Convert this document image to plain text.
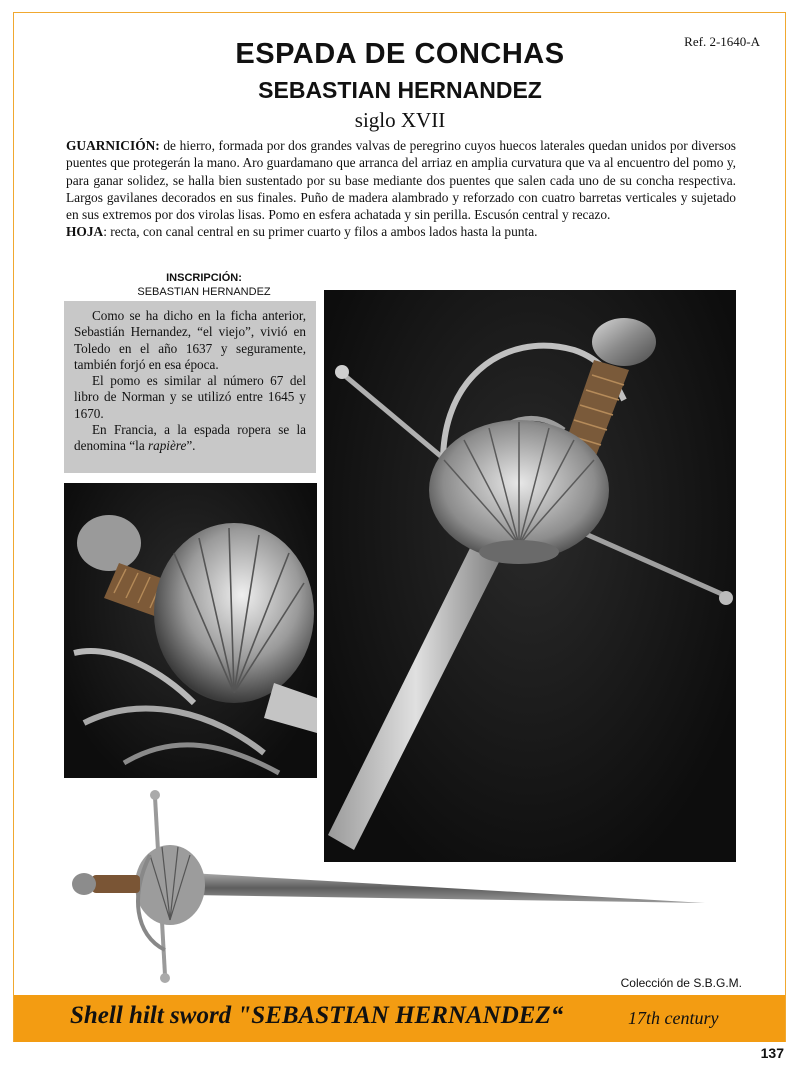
Ref. 2-1640-A
ESPADA DE CONCHAS
SEBASTIAN HERNANDEZ
siglo XVII

GUARNICIÓN: de hierro, formada por dos grandes valvas de peregrino cuyos huecos laterales quedan unidos por diversos puentes que protegerán la mano. Aro guardamano que arranca del arriaz en amplia curvatura que va al encuentro del pomo y, para ganar solidez, se halla bien sustentado por su base mediante dos puentes que salen cada uno de su concha respectiva. Largos gavilanes decorados en sus finales. Puño de madera alambrado y reforzado con cuatro barretas verticales y sujetado en sus extremos por dos virolas lisas. Pomo en esfera achatada y sin perilla. Escusón central y recazo.
HOJA: recta, con canal central en su primer cuarto y filos a ambos lados hasta la punta.

INSCRIPCIÓN:
SEBASTIAN HERNANDEZ

Como se ha dicho en la ficha anterior, Sebastián Hernandez, “el viejo”, vivió en Toledo en el año 1637 y seguramente, también forjó en esa época.

El pomo es similar al número 67 del libro de Norman y se utilizó entre 1645 y 1670.

En Francia, a la espada ropera se la denomina “la rapière”.

Colección de S.B.G.M.
Shell hilt sword "SEBASTIAN HERNANDEZ“	17th century
137
